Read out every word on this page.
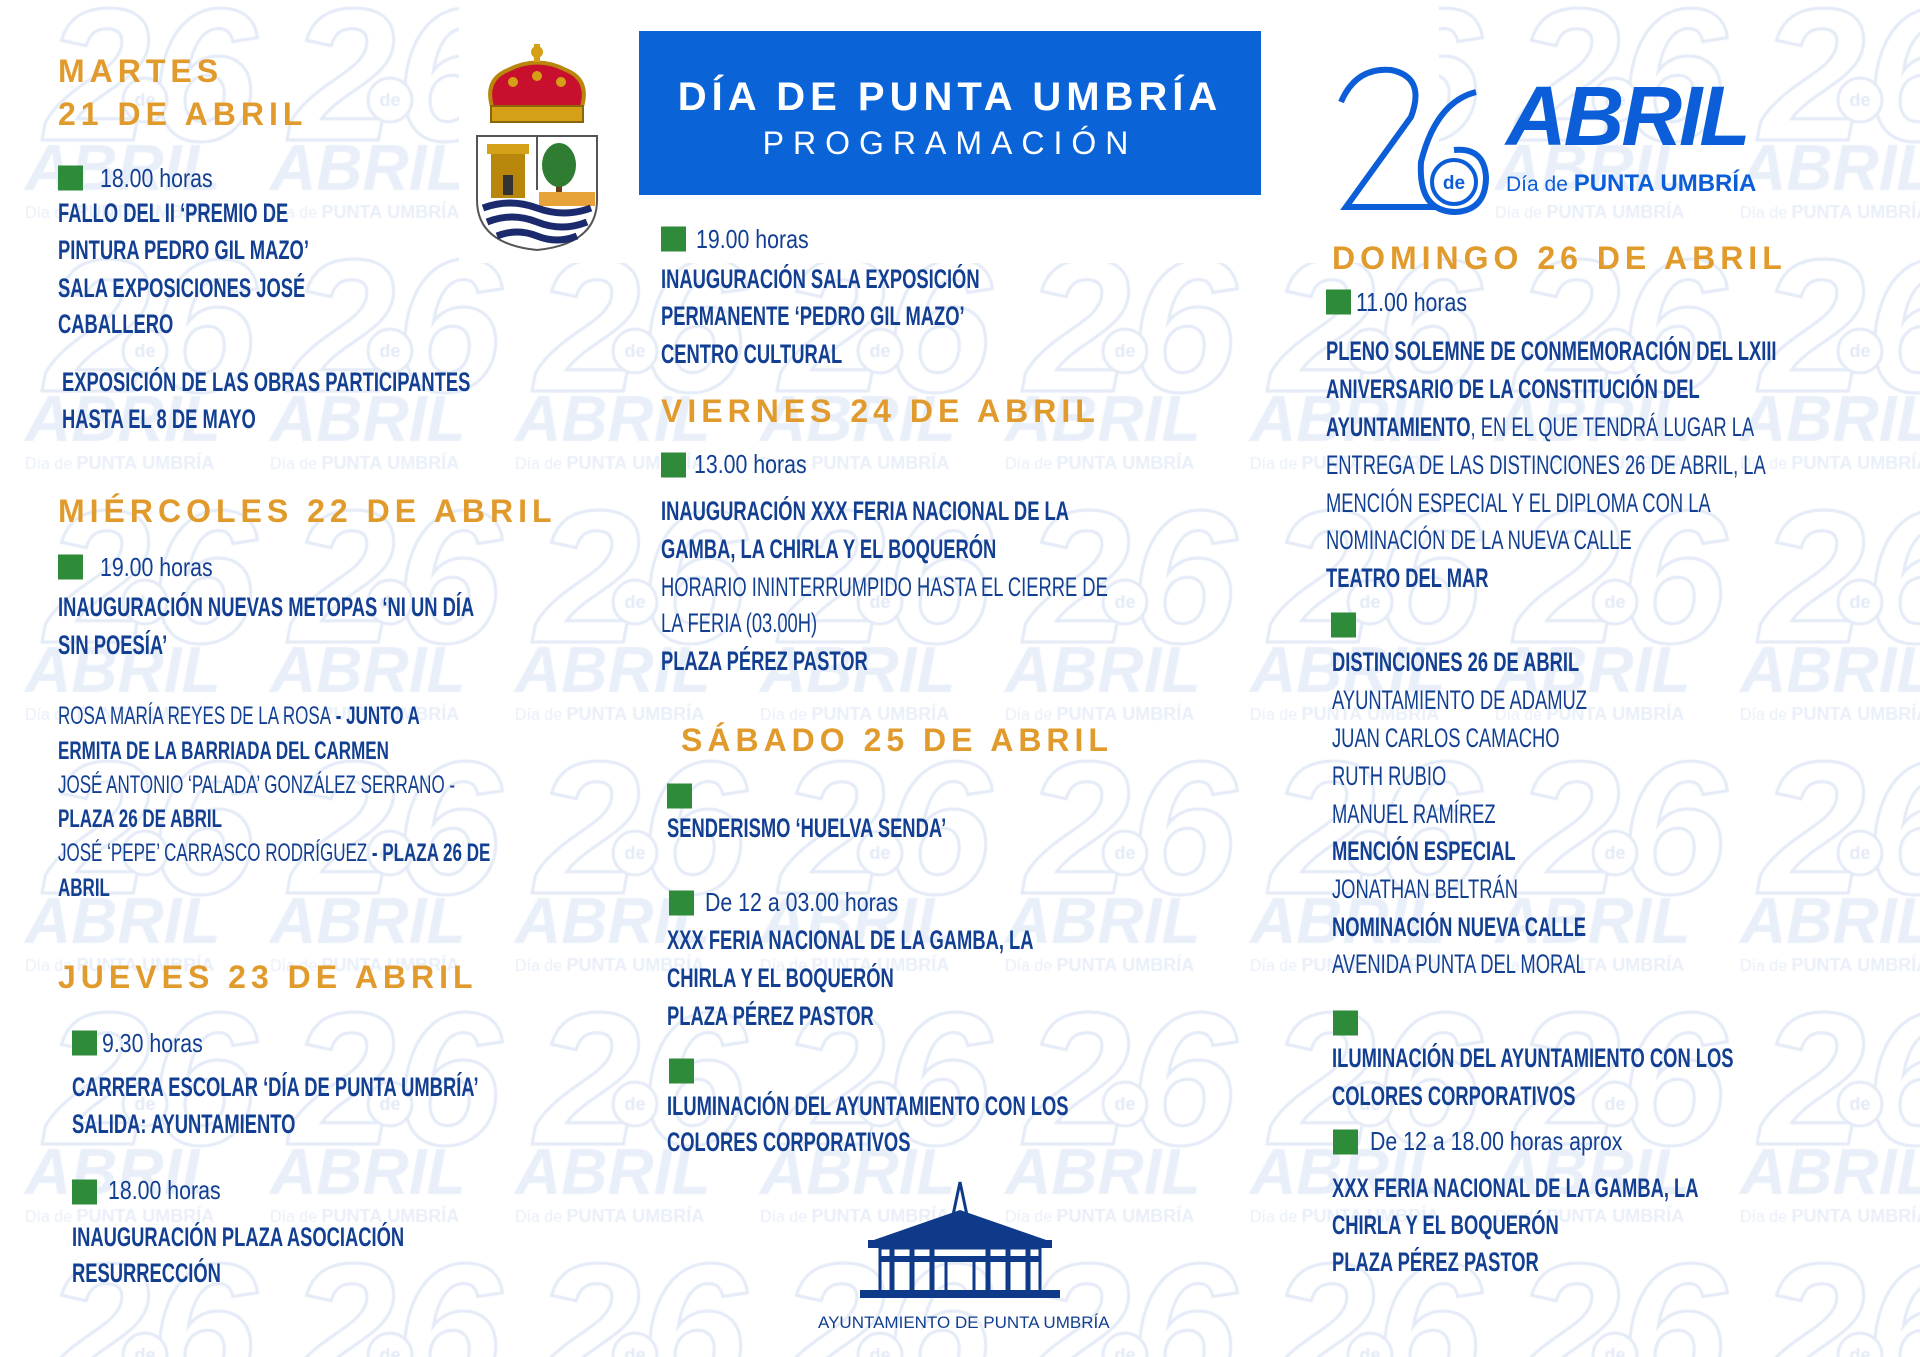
DÍA DE PUNTA UMBRÍA
PROGRAMACIÓN
de
ABRIL
Día de PUNTA UMBRÍA
MARTES
21 DE ABRIL
18.00 horas
FALLO DEL II ‘PREMIO DE
PINTURA PEDRO GIL MAZO’
SALA EXPOSICIONES JOSÉ
CABALLERO
EXPOSICIÓN DE LAS OBRAS PARTICIPANTES
HASTA EL 8 DE MAYO
MIÉRCOLES 22 DE ABRIL
19.00 horas
INAUGURACIÓN NUEVAS METOPAS ‘NI UN DÍA
SIN POESÍA’
ROSA MARÍA REYES DE LA ROSA - JUNTO A
ERMITA DE LA BARRIADA DEL CARMEN
JOSÉ ANTONIO ‘PALADA’ GONZÁLEZ SERRANO -
PLAZA 26 DE ABRIL
JOSÉ ‘PEPE’ CARRASCO RODRÍGUEZ - PLAZA 26 DE
ABRIL
JUEVES 23 DE ABRIL
9.30 horas
CARRERA ESCOLAR ‘DÍA DE PUNTA UMBRÍA’
SALIDA: AYUNTAMIENTO
18.00 horas
INAUGURACIÓN PLAZA ASOCIACIÓN
RESURRECCIÓN
19.00 horas
INAUGURACIÓN SALA EXPOSICIÓN
PERMANENTE ‘PEDRO GIL MAZO’
CENTRO CULTURAL
VIERNES 24 DE ABRIL
13.00 horas
INAUGURACIÓN XXX FERIA NACIONAL DE LA
GAMBA, LA CHIRLA Y EL BOQUERÓN
HORARIO ININTERRUMPIDO HASTA EL CIERRE DE
LA FERIA (03.00H)
PLAZA PÉREZ PASTOR
SÁBADO 25 DE ABRIL
SENDERISMO ‘HUELVA SENDA’
De 12 a 03.00 horas
XXX FERIA NACIONAL DE LA GAMBA, LA
CHIRLA Y EL BOQUERÓN
PLAZA PÉREZ PASTOR
ILUMINACIÓN DEL AYUNTAMIENTO CON LOS
COLORES CORPORATIVOS
AYUNTAMIENTO DE PUNTA UMBRÍA
DOMINGO 26 DE ABRIL
11.00 horas
PLENO SOLEMNE DE CONMEMORACIÓN DEL LXIII
ANIVERSARIO DE LA CONSTITUCIÓN DEL
AYUNTAMIENTO, EN EL QUE TENDRÁ LUGAR LA
ENTREGA DE LAS DISTINCIONES 26 DE ABRIL, LA
MENCIÓN ESPECIAL Y EL DIPLOMA CON LA
NOMINACIÓN DE LA NUEVA CALLE
TEATRO DEL MAR
DISTINCIONES 26 DE ABRIL
AYUNTAMIENTO DE ADAMUZ
JUAN CARLOS CAMACHO
RUTH RUBIO
MANUEL RAMÍREZ
MENCIÓN ESPECIAL
JONATHAN BELTRÁN
NOMINACIÓN NUEVA CALLE
AVENIDA PUNTA DEL MORAL
ILUMINACIÓN DEL AYUNTAMIENTO CON LOS
COLORES CORPORATIVOS
De 12 a 18.00 horas aprox
XXX FERIA NACIONAL DE LA GAMBA, LA
CHIRLA Y EL BOQUERÓN
PLAZA PÉREZ PASTOR
